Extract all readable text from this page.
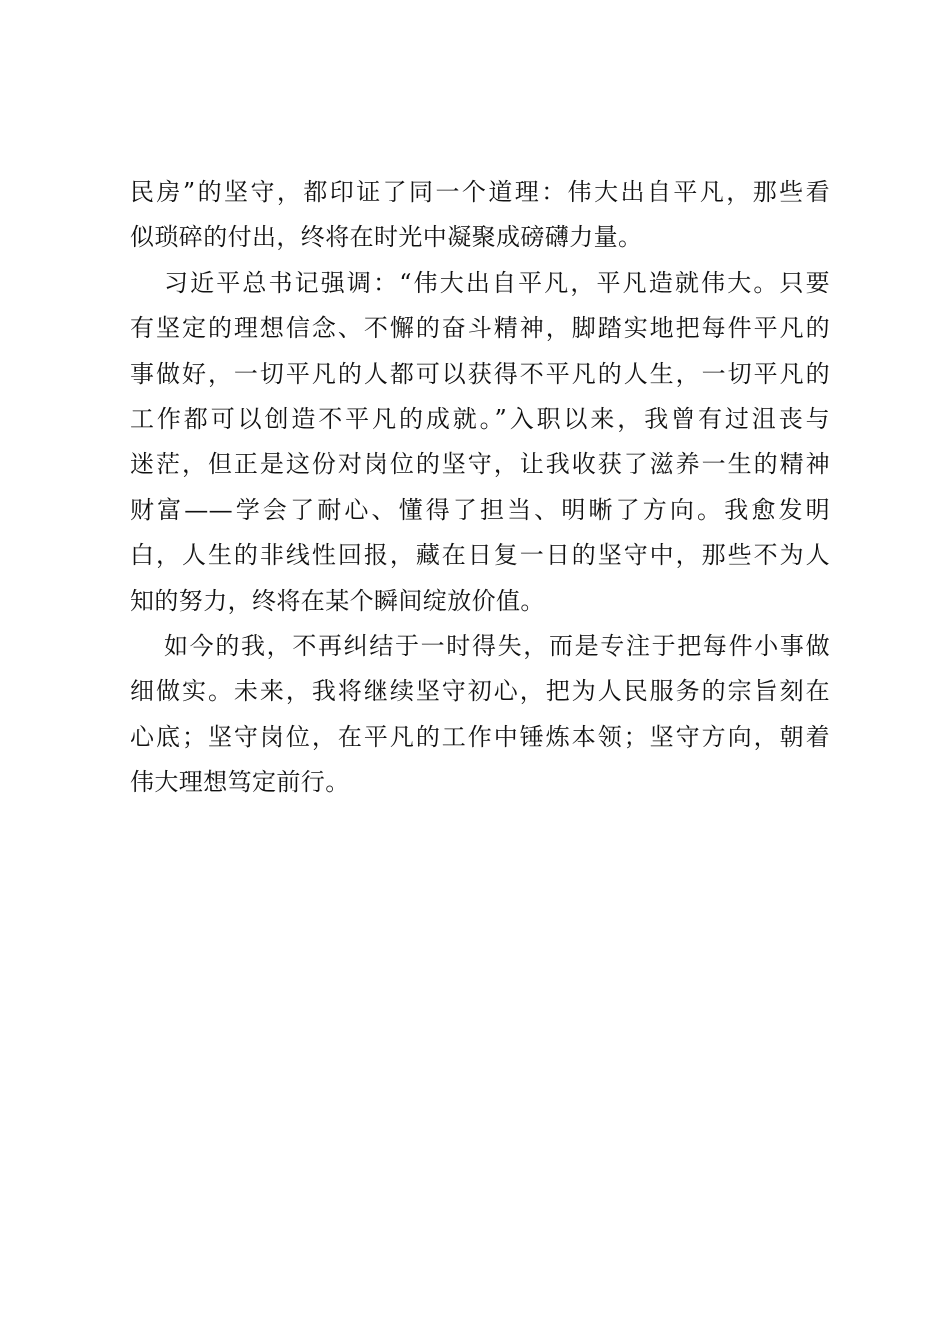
民房”的坚守，都印证了同一个道理：伟大出自平凡，那些看
似琐碎的付出，终将在时光中凝聚成磅礴力量。
习近平总书记强调：“伟大出自平凡，平凡造就伟大。只要
有坚定的理想信念、不懈的奋斗精神，脚踏实地把每件平凡的
事做好，一切平凡的人都可以获得不平凡的人生，一切平凡的
工作都可以创造不平凡的成就。”入职以来，我曾有过沮丧与
迷茫，但正是这份对岗位的坚守，让我收获了滋养一生的精神
财富——学会了耐心、懂得了担当、明晰了方向。我愈发明
白，人生的非线性回报，藏在日复一日的坚守中，那些不为人
知的努力，终将在某个瞬间绽放价值。
如今的我，不再纠结于一时得失，而是专注于把每件小事做
细做实。未来，我将继续坚守初心，把为人民服务的宗旨刻在
心底；坚守岗位，在平凡的工作中锤炼本领；坚守方向，朝着
伟大理想笃定前行。
